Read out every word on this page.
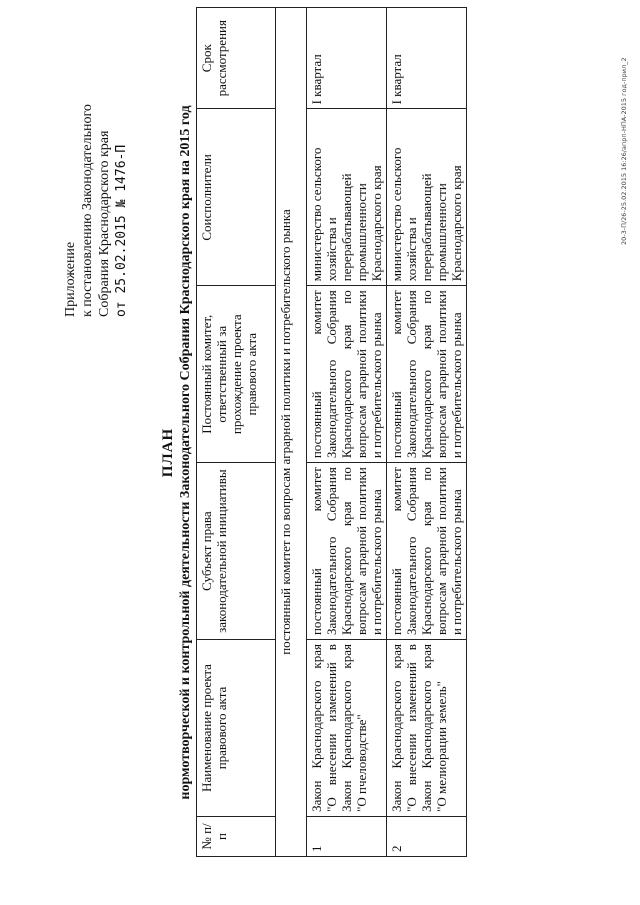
Приложение к постановлению Законодательного Собрания Краснодарского края от 25.02.2015 № 1476-П
ПЛАН нормотворческой и контрольной деятельности Законодательного Собрания Краснодарского края на 2015 год
№ п/п	Наименование проекта правового акта	Субъект права законодательной инициативы	Постоянный комитет, ответственный за прохождение проекта правового акта	Соисполнители	Срок рассмотрения
постоянный комитет по вопросам аграрной политики и потребительского рынка					
1	Закон Краснодарского края "О внесении изменений в Закон Краснодарского края "О пчеловодстве"	постоянный комитет Законодательного Собрания Краснодарского края по вопросам аграрной политики и потребительского рынка	постоянный комитет Законодательного Собрания Краснодарского края по вопросам аграрной политики и потребительского рынка	министерство сельского хозяйства и перерабатывающей промышленности Краснодарского края	I квартал
2	Закон Краснодарского края "О внесении изменений в Закон Краснодарского края "О мелиорации земель"	постоянный комитет Законодательного Собрания Краснодарского края по вопросам аграрной политики и потребительского рынка	постоянный комитет Законодательного Собрания Краснодарского края по вопросам аграрной политики и потребительского рынка	министерство сельского хозяйства и перерабатывающей промышленности Краснодарского края	I квартал	20-3-П/26-25.02.2015 16:26/апрп-НПА-2015 год-прил_2
